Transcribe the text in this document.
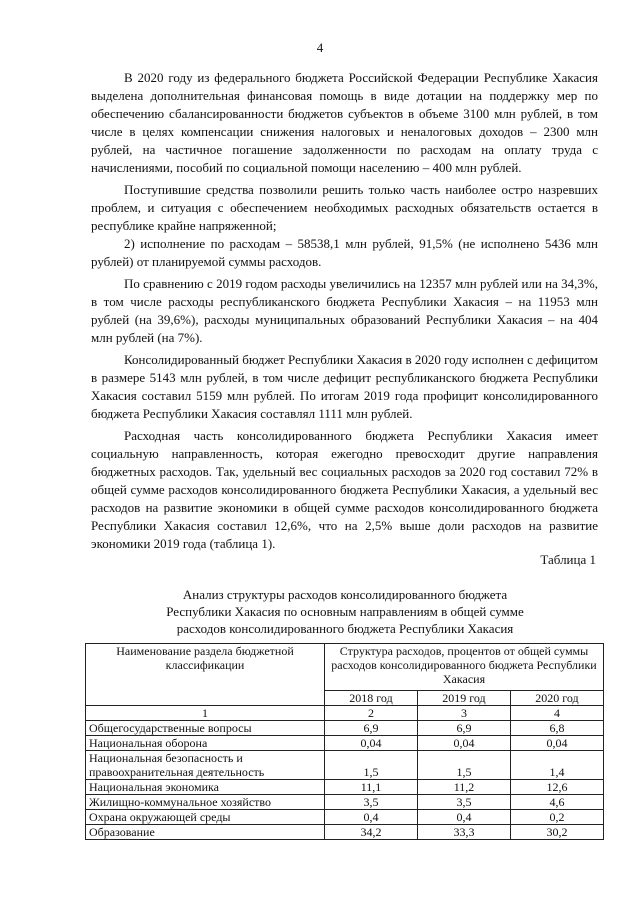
4

В 2020 году из федерального бюджета Российской Федерации Республике Хакасия выделена дополнительная финансовая помощь в виде дотации на поддержку мер по обеспечению сбалансированности бюджетов субъектов в объеме 3100 млн рублей, в том числе в целях компенсации снижения налоговых и неналоговых доходов – 2300 млн рублей, на частичное погашение задолженности по расходам на оплату труда с начислениями, пособий по социальной помощи населению – 400 млн рублей.

Поступившие средства позволили решить только часть наиболее остро назревших проблем, и ситуация с обеспечением необходимых расходных обязательств остается в республике крайне напряженной;

2) исполнение по расходам – 58538,1 млн рублей, 91,5% (не исполнено 5436 млн рублей) от планируемой суммы расходов.

По сравнению с 2019 годом расходы увеличились на 12357 млн рублей или на 34,3%, в том числе расходы республиканского бюджета Республики Хакасия – на 11953 млн рублей (на 39,6%), расходы муниципальных образований Республики Хакасия – на 404 млн рублей (на 7%).

Консолидированный бюджет Республики Хакасия в 2020 году исполнен с дефицитом в размере 5143 млн рублей, в том числе дефицит республиканского бюджета Республики Хакасия составил 5159 млн рублей. По итогам 2019 года профицит консолидированного бюджета Республики Хакасия составлял 1111 млн рублей.

Расходная часть консолидированного бюджета Республики Хакасия имеет социальную направленность, которая ежегодно превосходит другие направления бюджетных расходов. Так, удельный вес социальных расходов за 2020 год составил 72% в общей сумме расходов консолидированного бюджета Республики Хакасия, а удельный вес расходов на развитие экономики в общей сумме расходов консолидированного бюджета Республики Хакасия составил 12,6%, что на 2,5% выше доли расходов на развитие экономики 2019 года (таблица 1).

Таблица 1
Анализ структуры расходов консолидированного бюджета
Республики Хакасия по основным направлениям в общей сумме
расходов консолидированного бюджета Республики Хакасия
Наименование раздела бюджетной классификации	Структура расходов, процентов от общей суммы расходов консолидированного бюджета Республики Хакасия		
	2018 год	2019 год	2020 год
1	2	3	4
Общегосударственные вопросы	6,9	6,9	6,8
Национальная оборона	0,04	0,04	0,04
Национальная безопасность и правоохранительная деятельность	1,5	1,5	1,4
Национальная экономика	11,1	11,2	12,6
Жилищно-коммунальное хозяйство	3,5	3,5	4,6
Охрана окружающей среды	0,4	0,4	0,2
Образование	34,2	33,3	30,2
